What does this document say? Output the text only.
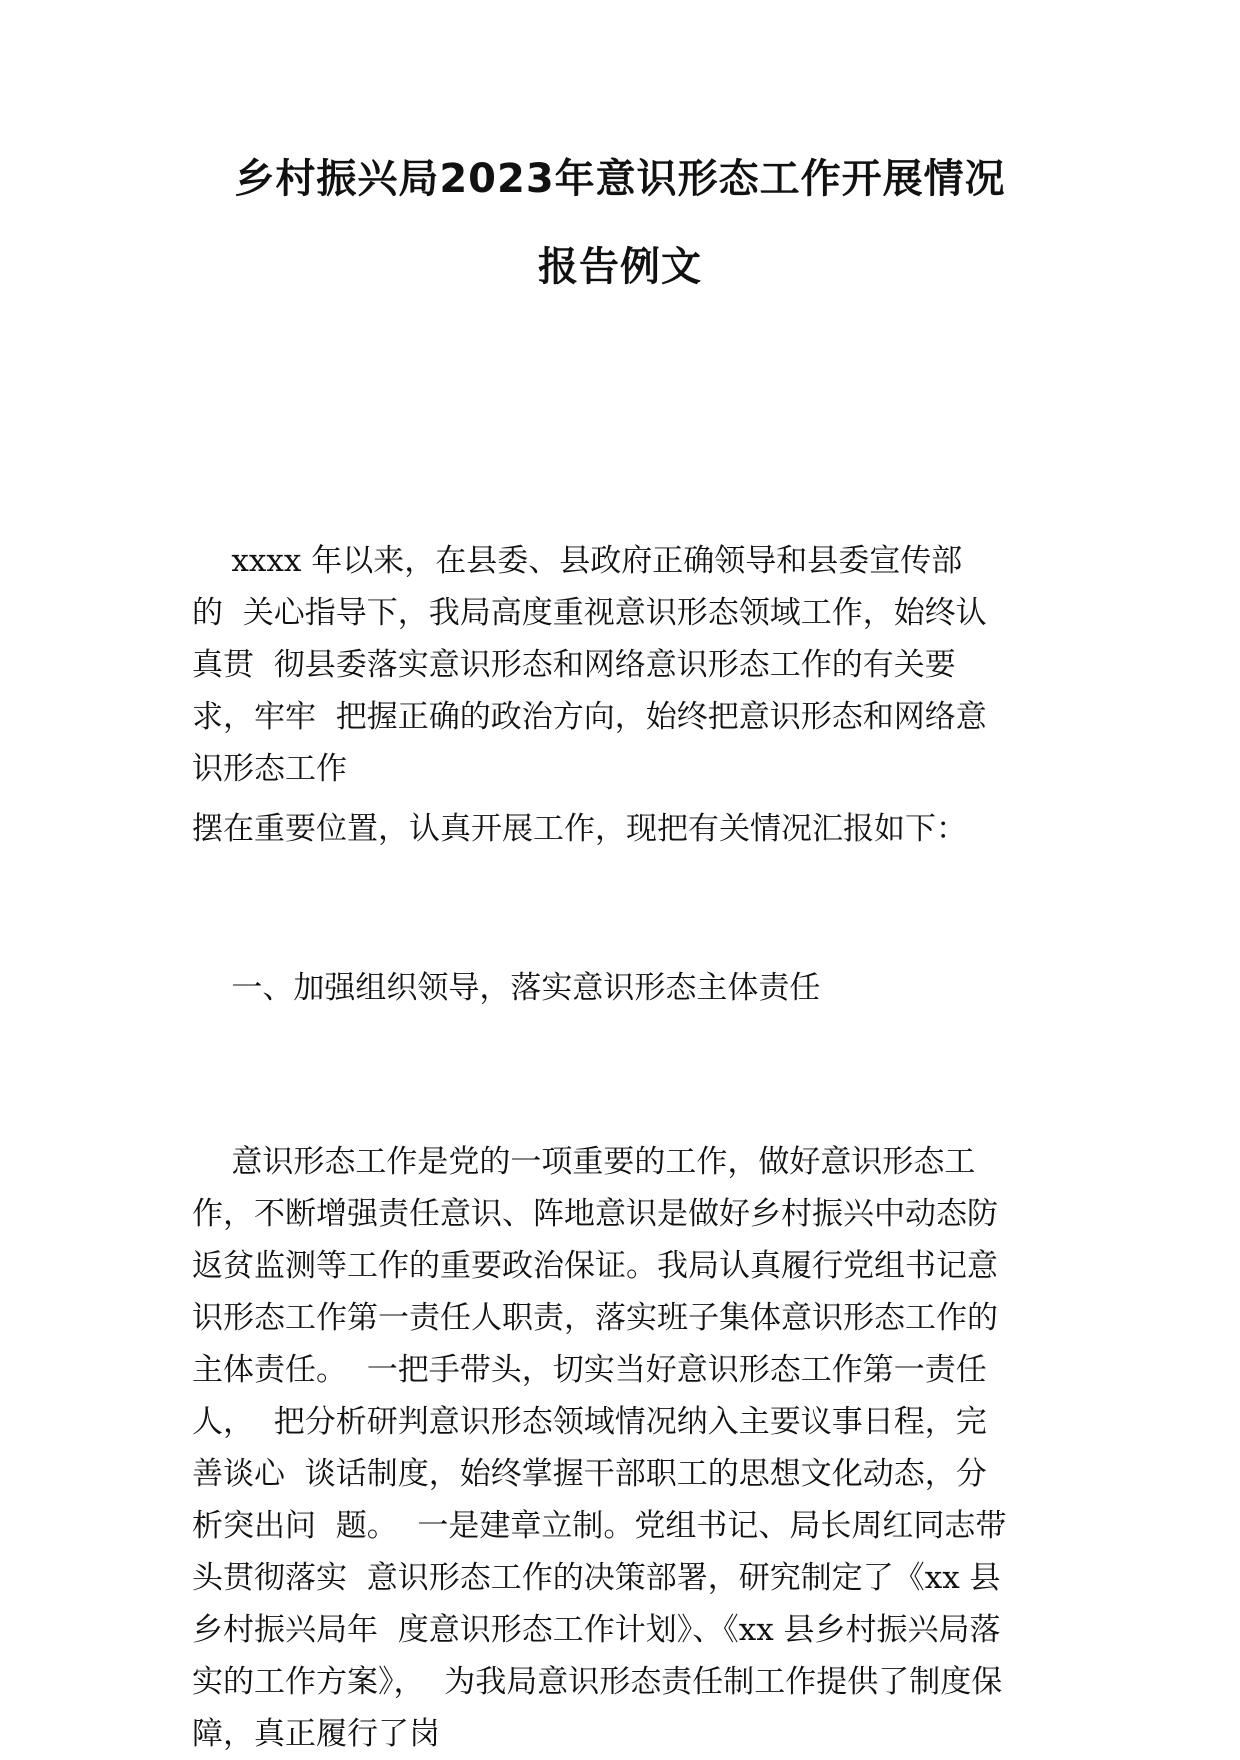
乡村振兴局2023年意识形态工作开展情况
报告例文
xxxx 年以来，在县委、县政府正确领导和县委宣传部
的  关心指导下，我局高度重视意识形态领域工作，始终认
真贯  彻县委落实意识形态和网络意识形态工作的有关要
求，牢牢  把握正确的政治方向，始终把意识形态和网络意
识形态工作
摆在重要位置，认真开展工作，现把有关情况汇报如下：
一、加强组织领导，落实意识形态主体责任
意识形态工作是党的一项重要的工作，做好意识形态工
作，不断增强责任意识、阵地意识是做好乡村振兴中动态防
返贫监测等工作的重要政治保证。我局认真履行党组书记意
识形态工作第一责任人职责，落实班子集体意识形态工作的
主体责任。  一把手带头，切实当好意识形态工作第一责任
人，  把分析研判意识形态领域情况纳入主要议事日程，完
善谈心  谈话制度，始终掌握干部职工的思想文化动态，分
析突出问  题。  一是建章立制。党组书记、局长周红同志带
头贯彻落实  意识形态工作的决策部署，研究制定了《xx 县
乡村振兴局年  度意识形态工作计划》、《xx 县乡村振兴局落
实的工作方案》，  为我局意识形态责任制工作提供了制度保
障，真正履行了岗
